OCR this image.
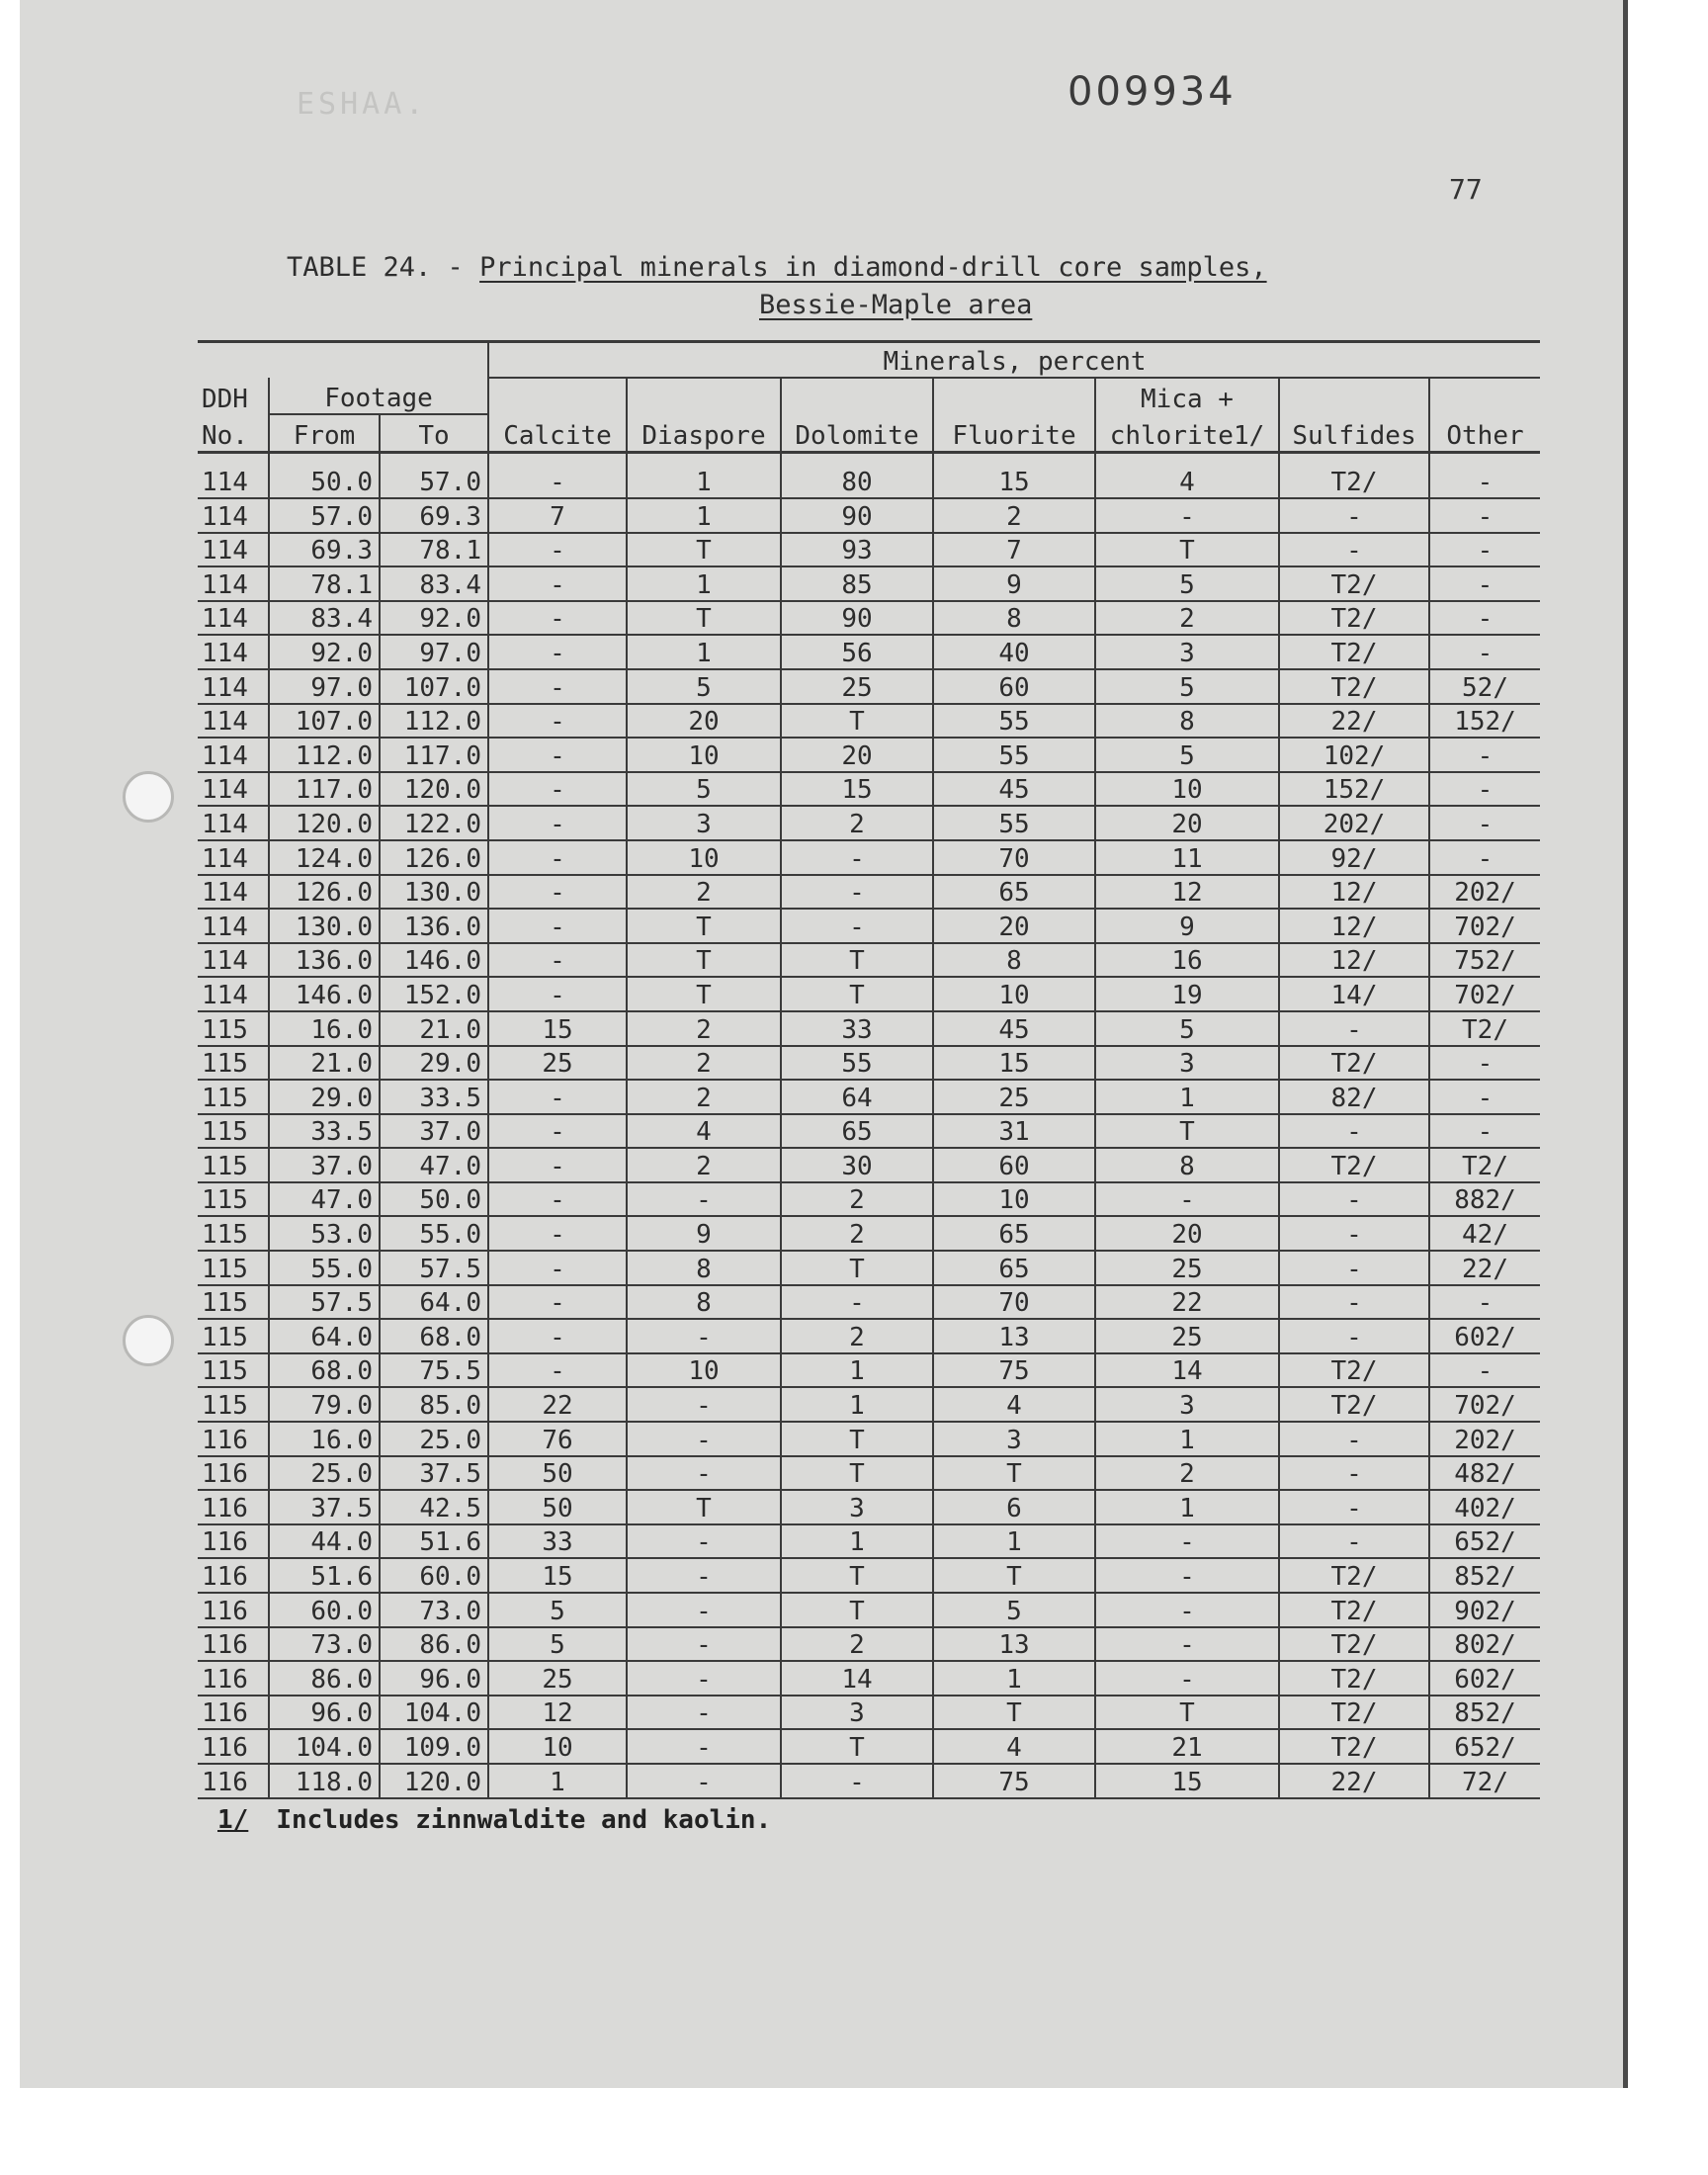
ESHAA.	009934
77
TABLE 24. - Principal minerals in diamond-drill core samples,
Bessie-Maple area
			Minerals, percent						
DDH	Footage						Mica +		
No.	From	To	Calcite	Diaspore	Dolomite	Fluorite	chlorite1/	Sulfides	Other
114	50.0	57.0	-	1	80	15	4	T2/	-
114	57.0	69.3	7	1	90	2	-	-	-
114	69.3	78.1	-	T	93	7	T	-	-
114	78.1	83.4	-	1	85	9	5	T2/	-
114	83.4	92.0	-	T	90	8	2	T2/	-
114	92.0	97.0	-	1	56	40	3	T2/	-
114	97.0	107.0	-	5	25	60	5	T2/	52/
114	107.0	112.0	-	20	T	55	8	22/	152/
114	112.0	117.0	-	10	20	55	5	102/	-
114	117.0	120.0	-	5	15	45	10	152/	-
114	120.0	122.0	-	3	2	55	20	202/	-
114	124.0	126.0	-	10	-	70	11	92/	-
114	126.0	130.0	-	2	-	65	12	12/	202/
114	130.0	136.0	-	T	-	20	9	12/	702/
114	136.0	146.0	-	T	T	8	16	12/	752/
114	146.0	152.0	-	T	T	10	19	14/	702/
115	16.0	21.0	15	2	33	45	5	-	T2/
115	21.0	29.0	25	2	55	15	3	T2/	-
115	29.0	33.5	-	2	64	25	1	82/	-
115	33.5	37.0	-	4	65	31	T	-	-
115	37.0	47.0	-	2	30	60	8	T2/	T2/
115	47.0	50.0	-	-	2	10	-	-	882/
115	53.0	55.0	-	9	2	65	20	-	42/
115	55.0	57.5	-	8	T	65	25	-	22/
115	57.5	64.0	-	8	-	70	22	-	-
115	64.0	68.0	-	-	2	13	25	-	602/
115	68.0	75.5	-	10	1	75	14	T2/	-
115	79.0	85.0	22	-	1	4	3	T2/	702/
116	16.0	25.0	76	-	T	3	1	-	202/
116	25.0	37.5	50	-	T	T	2	-	482/
116	37.5	42.5	50	T	3	6	1	-	402/
116	44.0	51.6	33	-	1	1	-	-	652/
116	51.6	60.0	15	-	T	T	-	T2/	852/
116	60.0	73.0	5	-	T	5	-	T2/	902/
116	73.0	86.0	5	-	2	13	-	T2/	802/
116	86.0	96.0	25	-	14	1	-	T2/	602/
116	96.0	104.0	12	-	3	T	T	T2/	852/
116	104.0	109.0	10	-	T	4	21	T2/	652/
116	118.0	120.0	1	-	-	75	15	22/	72/
1/ Includes zinnwaldite and kaolin.
